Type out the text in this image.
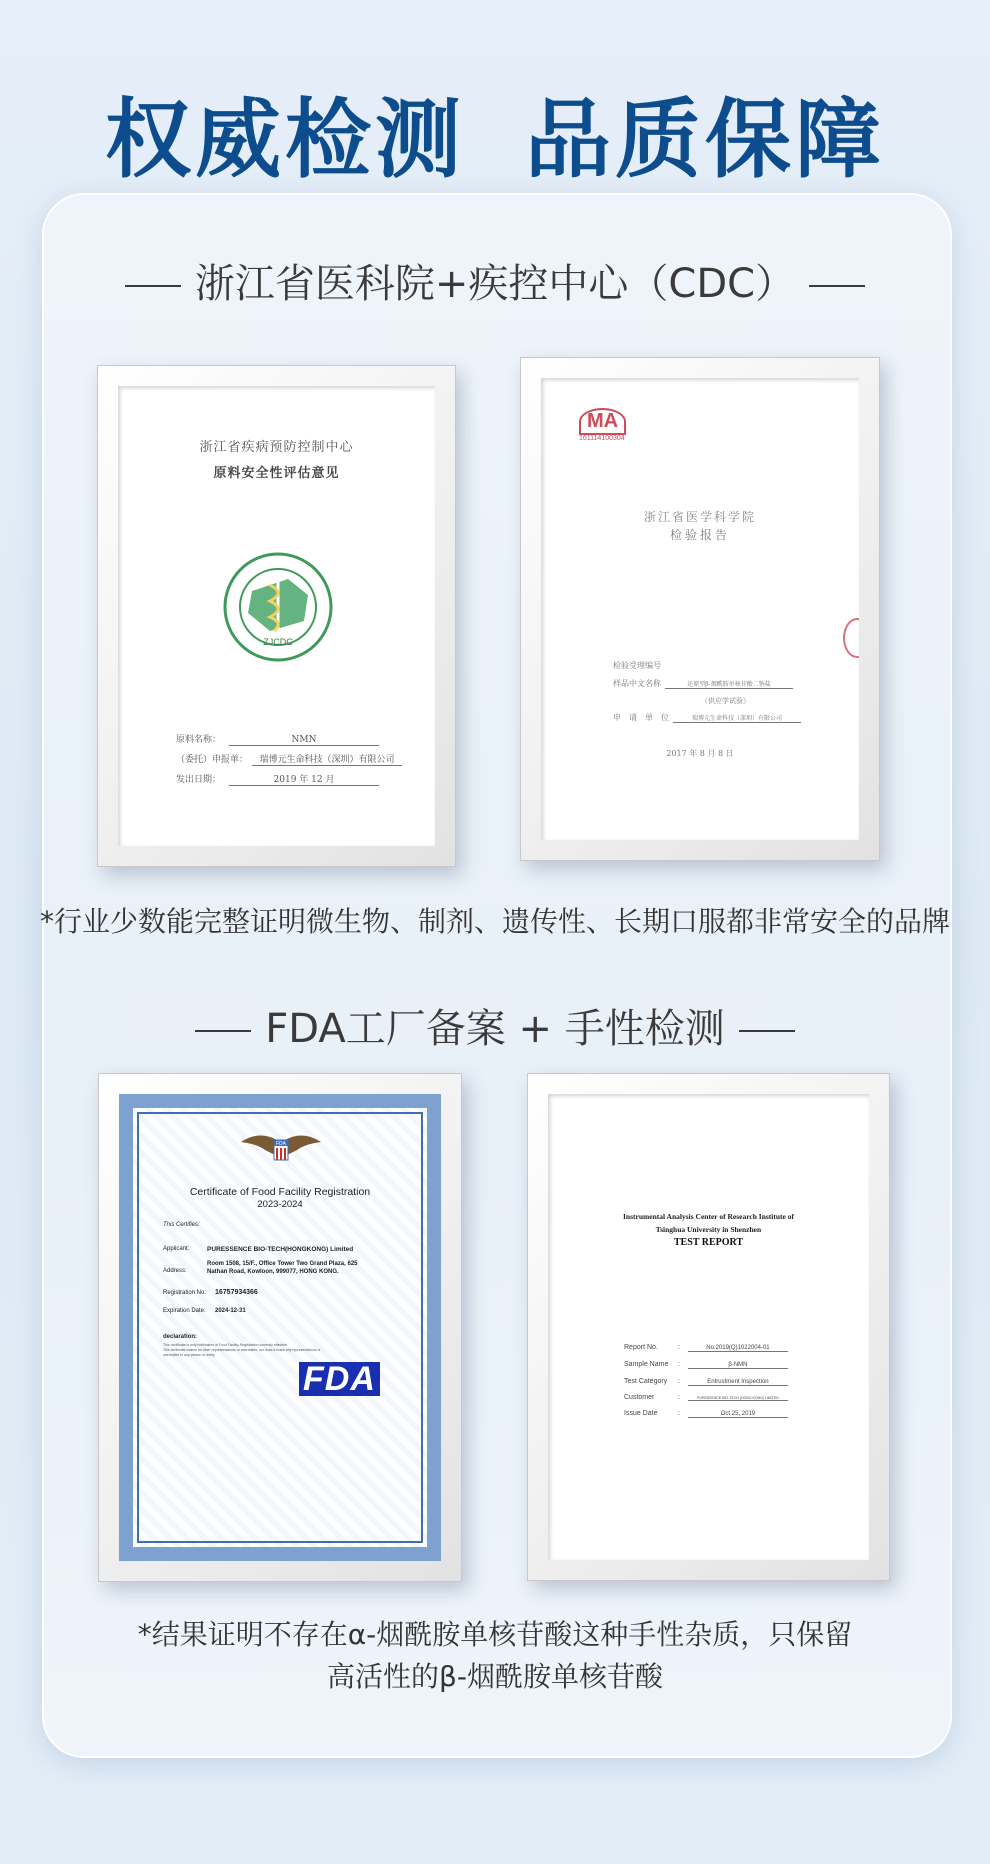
权威检测 品质保障
浙江省医科院+疾控中心（CDC）
浙江省疾病预防控制中心
原料安全性评估意见
ZJCDC
原料名称：	NMN
（委托）申报单： 瑞博元生命科技（深圳）有限公司
发出日期：	2019 年 12 月
MA
161114100304
浙江省医学科学院
检验报告
检验受理编号
样品中文名称	还原型β-烟酰胺单核苷酸二钠盐
（供应学试验）
申　请　单　位	瑞博元生命科技（深圳）有限公司
2017 年 8 月 8 日
*行业少数能完整证明微生物、制剂、遗传性、长期口服都非常安全的品牌
FDA工厂备案 + 手性检测
FDA
Certificate of Food Facility Registration
2023-2024
This Certifies:
Applicant:	PURESSENCE BIO-TECH(HONGKONG) Limited
Address:
Room 1508, 15/F., Office Tower Two Grand Plaza, 625
Nathan Road, Kowloon, 999077, HONG KONG.
Registration No: 16757934366
Expiration Date: 2024-12-31
declaration:
This certificate is only notification of Food Facility Registration currently effective.
This certificate makes no other representations or warranties, nor does it make any representations or
warranties to any person or entity
FDA
Instrumental Analysis Center of Research Institute of
Tsinghua University in Shenzhen
TEST REPORT
Report No.	:	No.2019(Q)1022004-01
Sample Name :	β-NMN
Test Category :	Entrustment Inspection
Customer	:	PURESSENCE BIO-TECH (HONG KONG) LIMITED
Issue Date	:	Oct 25, 2019
*结果证明不存在α-烟酰胺单核苷酸这种手性杂质，只保留
高活性的β-烟酰胺单核苷酸
